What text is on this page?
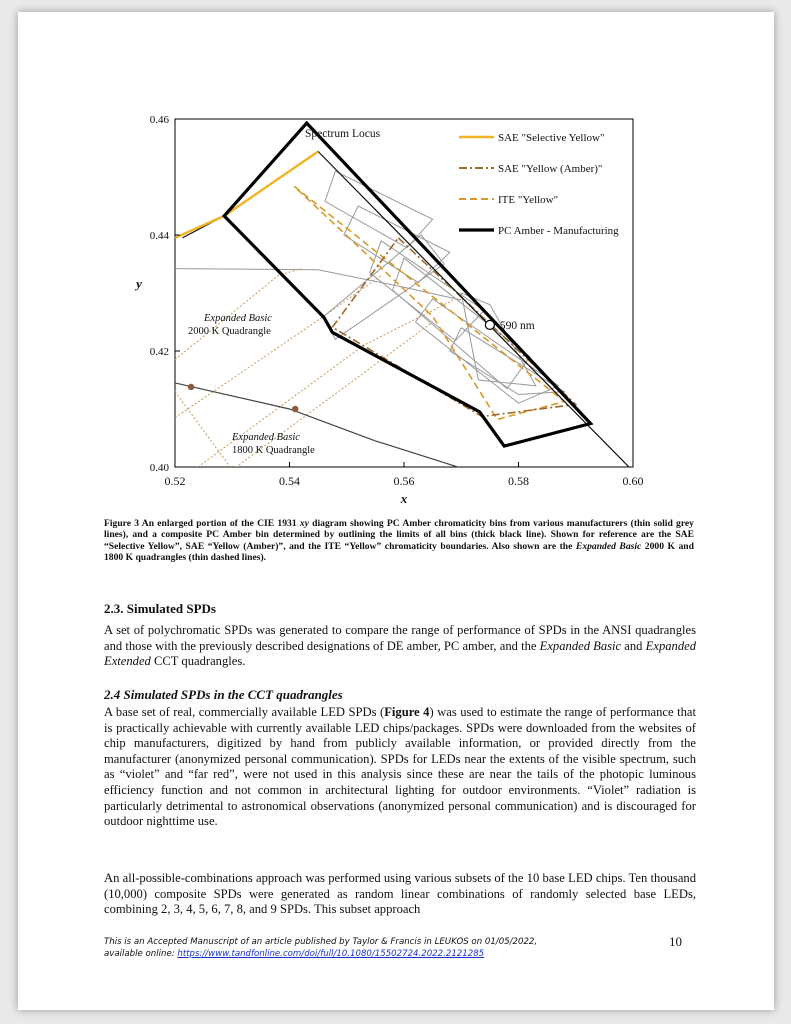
0.52	0.54	0.56	0.58	0.60
0.40
0.42
0.44
0.46
x
y
Spectrum Locus
590 nm
Expanded Basic
2000 K Quadrangle
Expanded Basic
1800 K Quadrangle
SAE "Selective Yellow"
SAE "Yellow (Amber)"
ITE "Yellow"
PC Amber - Manufacturing
Figure 3 An enlarged portion of the CIE 1931 xy diagram showing PC Amber chromaticity bins from various manufacturers (thin solid grey lines), and a composite PC Amber bin determined by outlining the limits of all bins (thick black line). Shown for reference are the SAE “Selective Yellow”, SAE “Yellow (Amber)”, and the ITE “Yellow” chromaticity boundaries. Also shown are the Expanded Basic 2000 K and 1800 K quadrangles (thin dashed lines).
2.3. Simulated SPDs
A set of polychromatic SPDs was generated to compare the range of performance of SPDs in the ANSI quadrangles and those with the previously described designations of DE amber, PC amber, and the Expanded Basic and Expanded Extended CCT quadrangles.
2.4 Simulated SPDs in the CCT quadrangles
A base set of real, commercially available LED SPDs (Figure 4) was used to estimate the range of performance that is practically achievable with currently available LED chips/packages. SPDs were downloaded from the websites of chip manufacturers, digitized by hand from publicly available information, or provided directly from the manufacturer (anonymized personal communication). SPDs for LEDs near the extents of the visible spectrum, such as “violet” and “far red”, were not used in this analysis since these are near the tails of the photopic luminous efficiency function and not common in architectural lighting for outdoor environments. “Violet” radiation is particularly detrimental to astronomical observations (anonymized personal communication) and is discouraged for outdoor nighttime use.
An all-possible-combinations approach was performed using various subsets of the 10 base LED chips. Ten thousand (10,000) composite SPDs were generated as random linear combinations of randomly selected base LEDs, combining 2, 3, 4, 5, 6, 7, 8, and 9 SPDs. This subset approach
This is an Accepted Manuscript of an article published by Taylor & Francis in LEUKOS on 01/05/2022,
available online: https://www.tandfonline.com/doi/full/10.1080/15502724.2022.2121285
10
